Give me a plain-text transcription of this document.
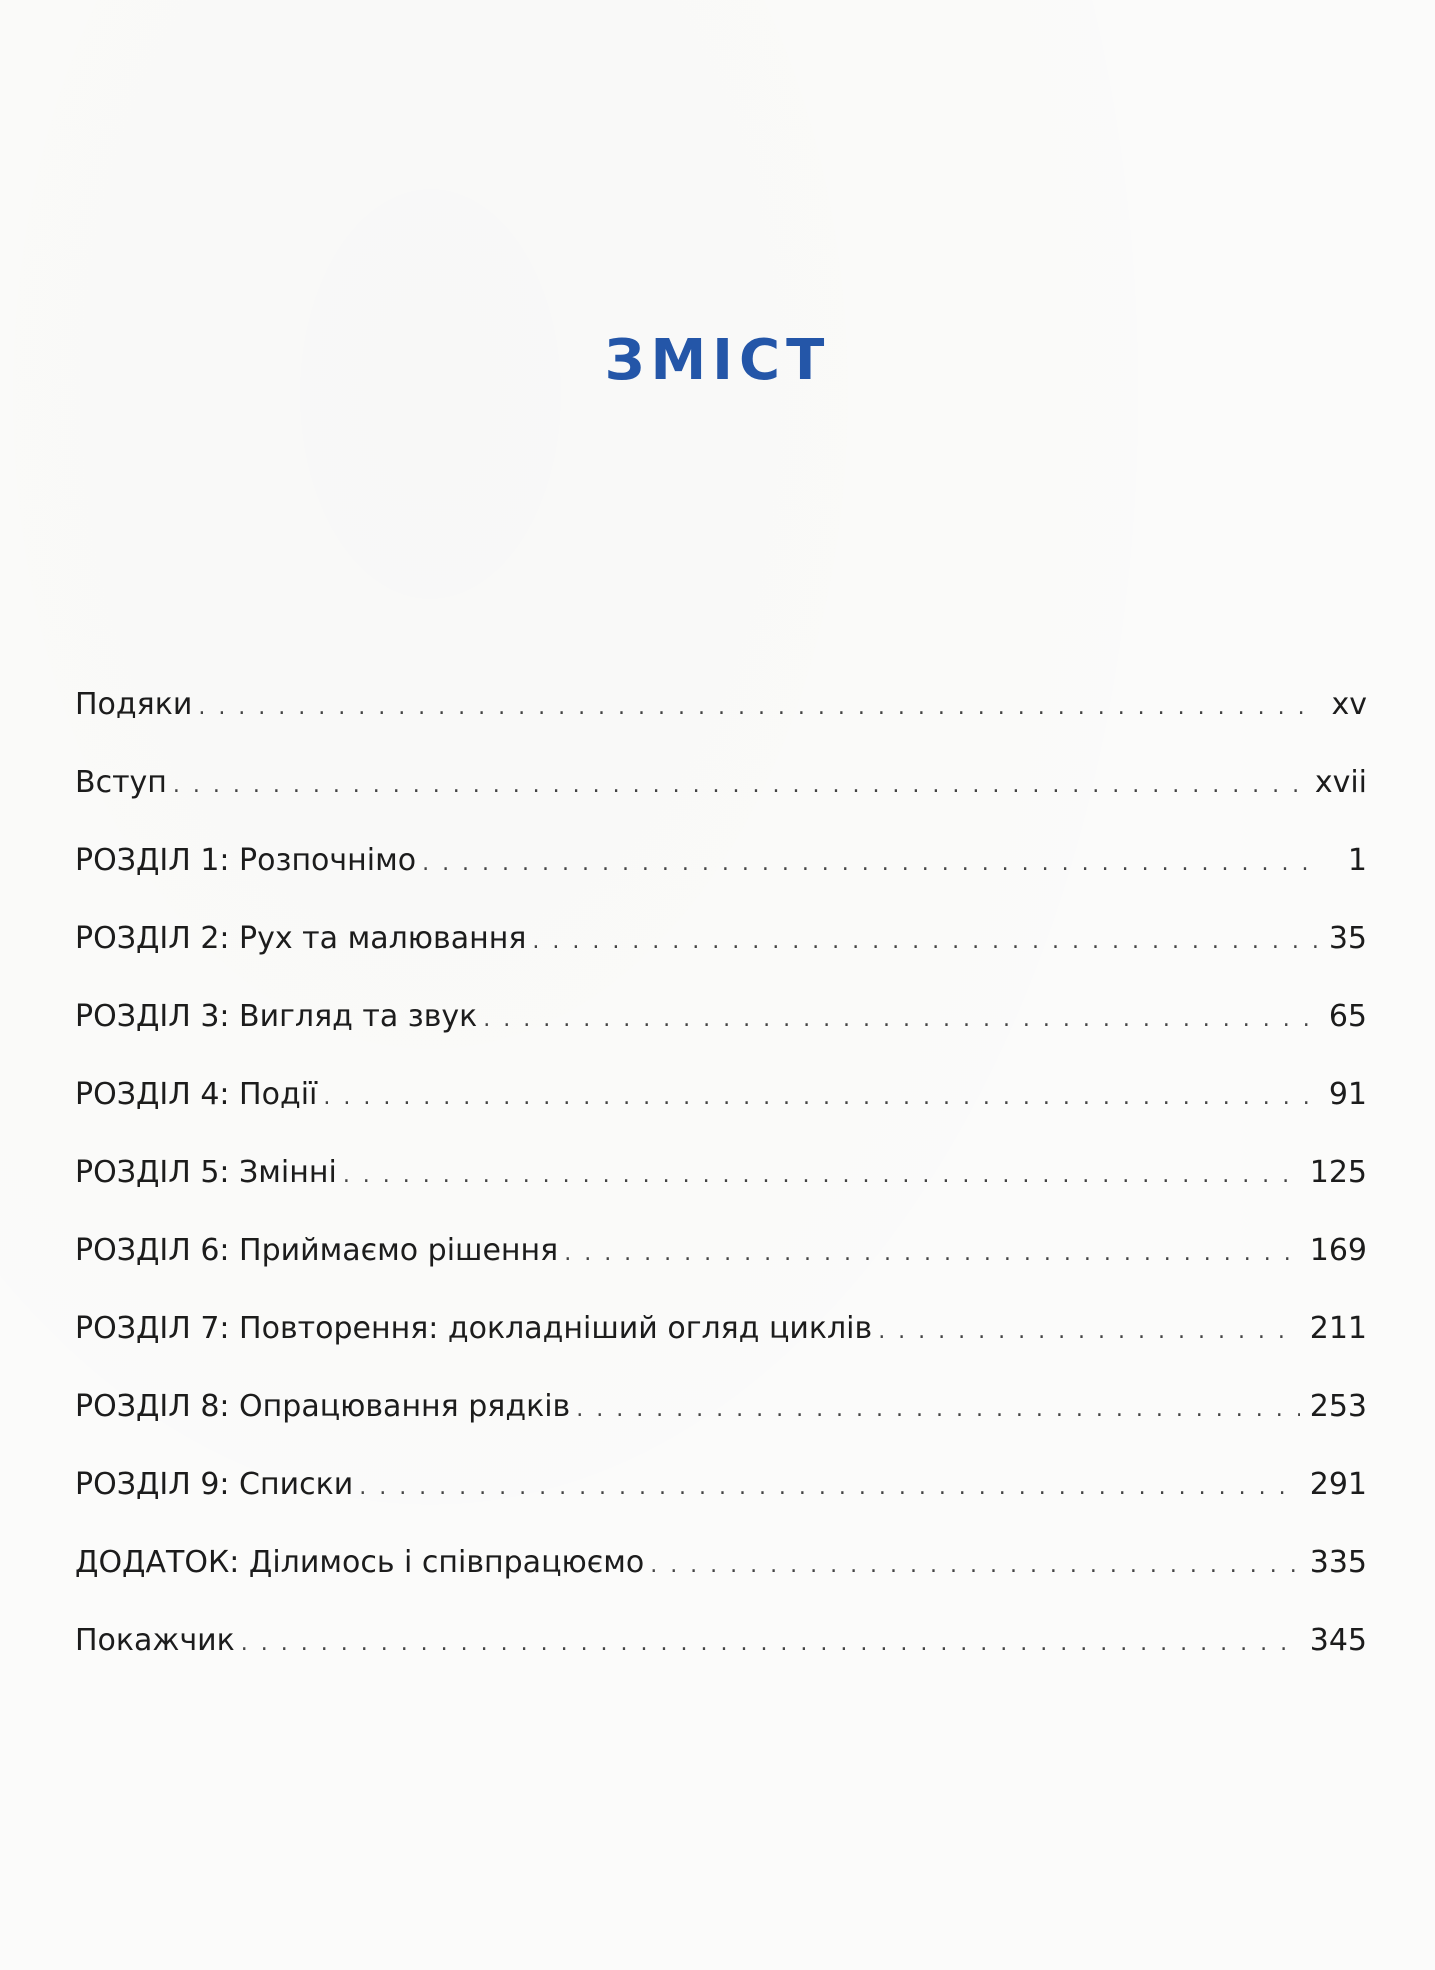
ЗМІСТ
Подяки . . .	xv
Вступ . . .	xvii
РОЗДІЛ 1: Розпочнімо . . .	1
РОЗДІЛ 2: Рух та малювання . . .	35
РОЗДІЛ 3: Вигляд та звук . . .	65
РОЗДІЛ 4: Події . . .	91
РОЗДІЛ 5: Змінні . . .	125
РОЗДІЛ 6: Приймаємо рішення . . .	169
РОЗДІЛ 7: Повторення: докладніший огляд циклів . . .	211
РОЗДІЛ 8: Опрацювання рядків . . .	253
РОЗДІЛ 9: Списки . . .	291
ДОДАТОК: Ділимось і співпрацюємо . . .	335
Покажчик . . .	345
